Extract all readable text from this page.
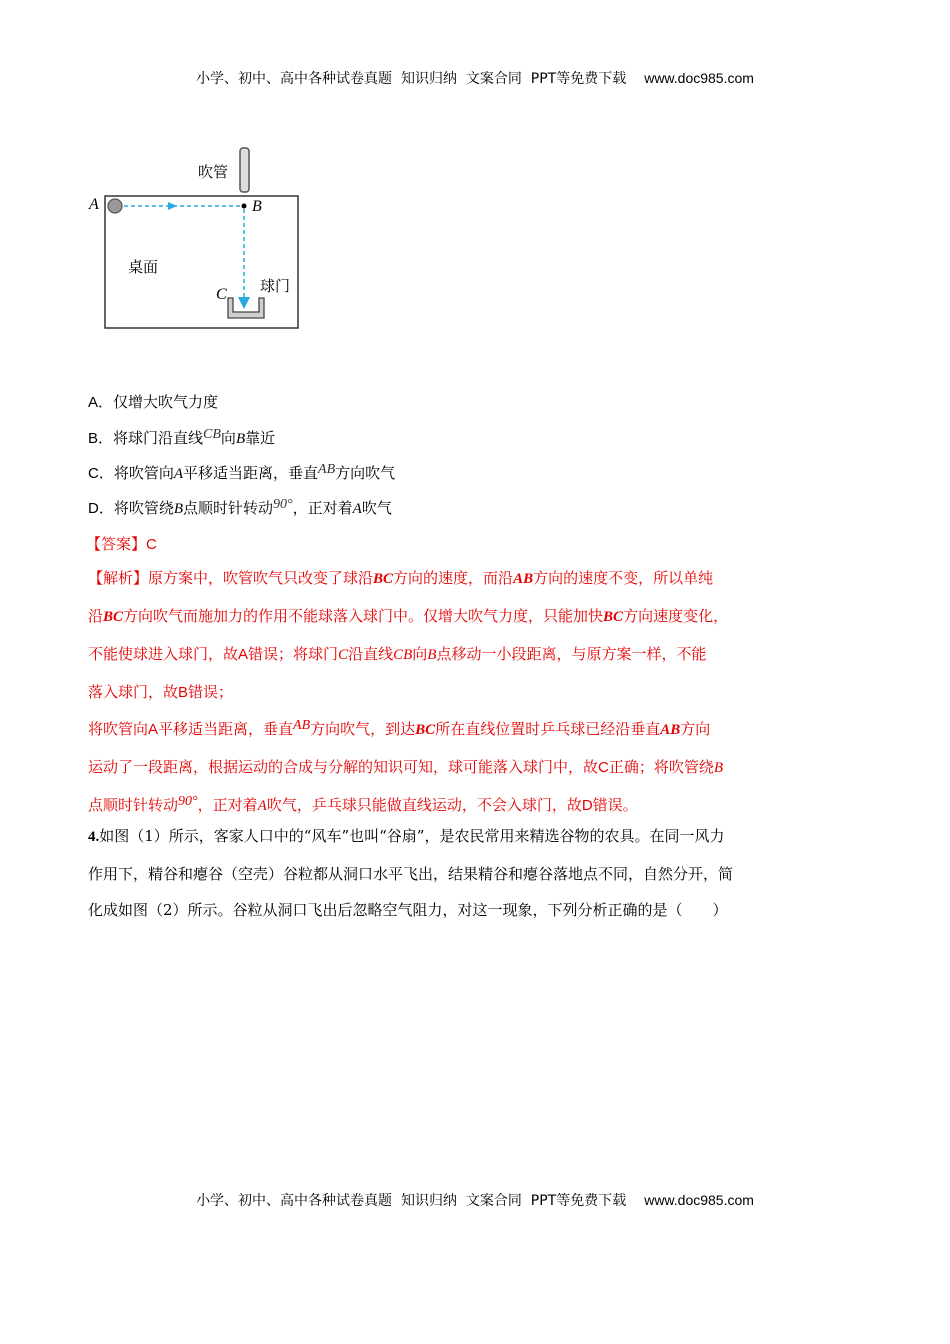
小学、初中、高中各种试卷真题  知识归纳  文案合同  PPT等免费下载 www.doc985.com
吹管
A	B
桌面
球门
C
A．仅增大吹气力度
B．将球门沿直线CB向B靠近
C．将吹管向A平移适当距离，垂直AB方向吹气
D．将吹管绕B点顺时针转动90°，正对着A吹气
【答案】C
【解析】原方案中，吹管吹气只改变了球沿BC方向的速度，而沿AB方向的速度不变，所以单纯
沿BC方向吹气而施加力的作用不能球落入球门中。仅增大吹气力度，只能加快BC方向速度变化，
不能使球进入球门，故A错误；将球门C沿直线CB向B点移动一小段距离，与原方案一样，不能
落入球门，故B错误；
将吹管向A平移适当距离，垂直AB方向吹气，到达BC所在直线位置时乒乓球已经沿垂直AB方向
运动了一段距离，根据运动的合成与分解的知识可知，球可能落入球门中，故C正确；将吹管绕B
点顺时针转动90°，正对着A吹气，乒乓球只能做直线运动，不会入球门，故D错误。
4.如图（1）所示，客家人口中的“风车”也叫“谷扇”，是农民常用来精选谷物的农具。在同一风力
作用下，精谷和瘪谷（空壳）谷粒都从洞口水平飞出，结果精谷和瘪谷落地点不同，自然分开，简
化成如图（2）所示。谷粒从洞口飞出后忽略空气阻力，对这一现象，下列分析正确的是（　　）
小学、初中、高中各种试卷真题  知识归纳  文案合同  PPT等免费下载 www.doc985.com
